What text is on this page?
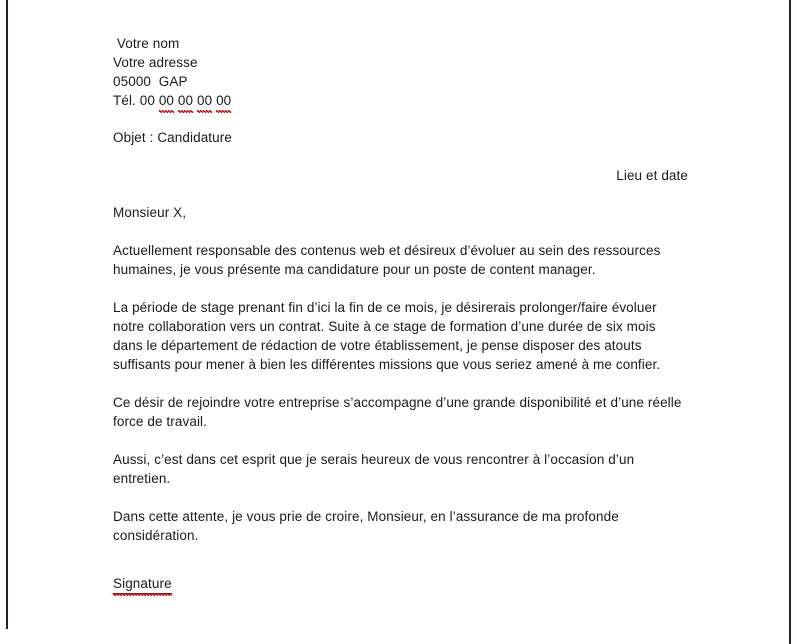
Votre nom
Votre adresse
05000  GAP
Tél. 00 00 00 00 00
Objet : Candidature
Lieu et date
Monsieur X,

Actuellement responsable des contenus web et désireux d’évoluer au sein des ressources humaines, je vous présente ma candidature pour un poste de content manager.

La période de stage prenant fin d’ici la fin de ce mois, je désirerais prolonger/faire évoluer notre collaboration vers un contrat. Suite à ce stage de formation d’une durée de six mois dans le département de rédaction de votre établissement, je pense disposer des atouts suffisants pour mener à bien les différentes missions que vous seriez amené à me confier.

Ce désir de rejoindre votre entreprise s’accompagne d’une grande disponibilité et d’une réelle force de travail.

Aussi, c’est dans cet esprit que je serais heureux de vous rencontrer à l’occasion d’un entretien.

Dans cette attente, je vous prie de croire, Monsieur, en l’assurance de ma profonde considération.

Signature
